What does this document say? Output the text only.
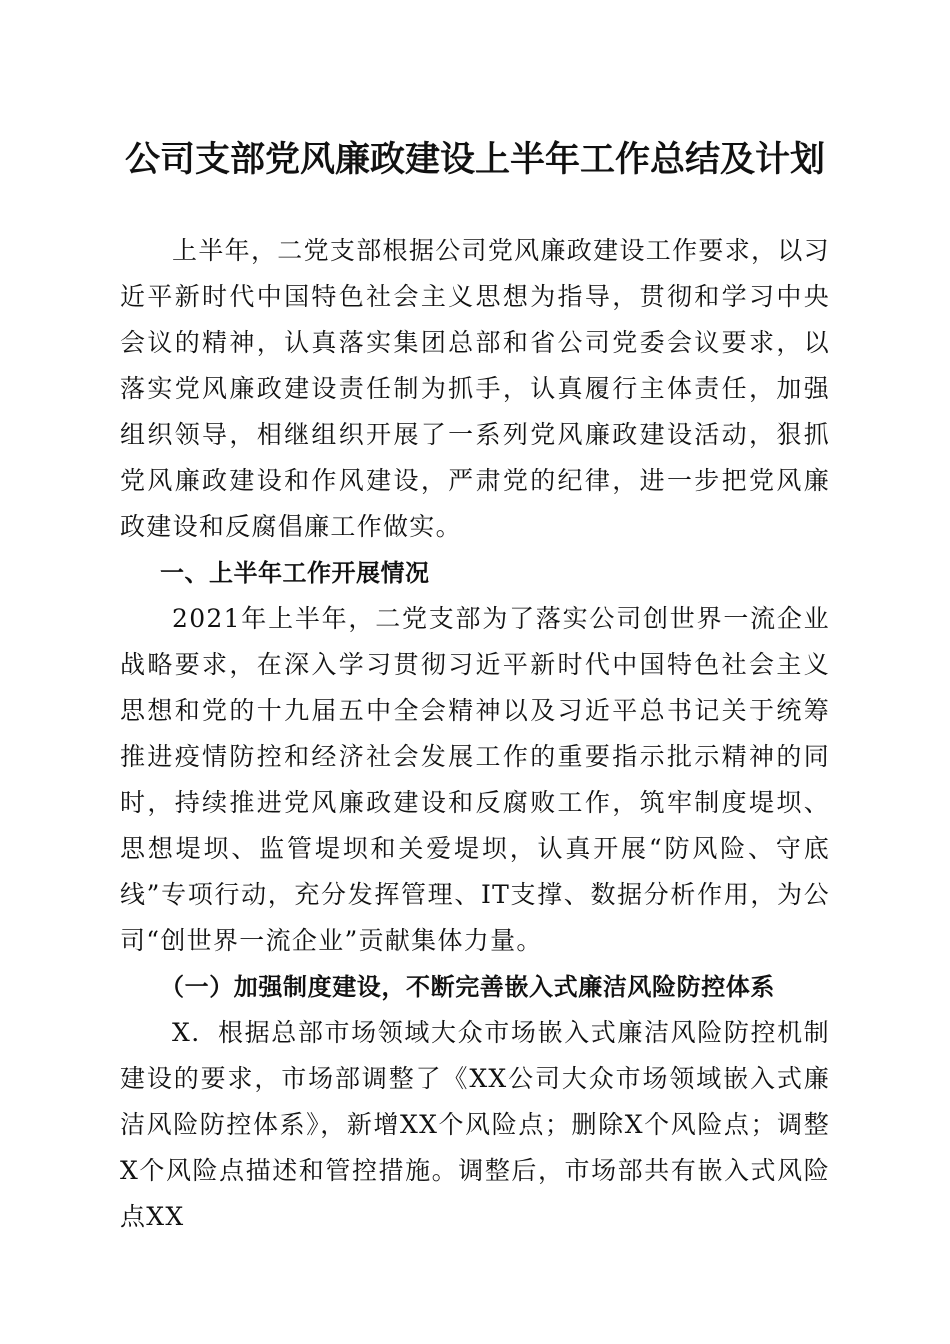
公司支部党风廉政建设上半年工作总结及计划

上半年，二党支部根据公司党风廉政建设工作要求，以习近平新时代中国特色社会主义思想为指导，贯彻和学习中央会议的精神，认真落实集团总部和省公司党委会议要求，以落实党风廉政建设责任制为抓手，认真履行主体责任，加强组织领导，相继组织开展了一系列党风廉政建设活动，狠抓党风廉政建设和作风建设，严肃党的纪律，进一步把党风廉政建设和反腐倡廉工作做实。

一、上半年工作开展情况

2021年上半年，二党支部为了落实公司创世界一流企业战略要求，在深入学习贯彻习近平新时代中国特色社会主义思想和党的十九届五中全会精神以及习近平总书记关于统筹推进疫情防控和经济社会发展工作的重要指示批示精神的同时，持续推进党风廉政建设和反腐败工作，筑牢制度堤坝、思想堤坝、监管堤坝和关爱堤坝，认真开展“防风险、守底线”专项行动，充分发挥管理、IT支撑、数据分析作用，为公司“创世界一流企业”贡献集体力量。

（一）加强制度建设，不断完善嵌入式廉洁风险防控体系

X．根据总部市场领域大众市场嵌入式廉洁风险防控机制建设的要求，市场部调整了《XX公司大众市场领域嵌入式廉洁风险防控体系》，新增XX个风险点；删除X个风险点；调整X个风险点描述和管控措施。调整后，市场部共有嵌入式风险点XX
